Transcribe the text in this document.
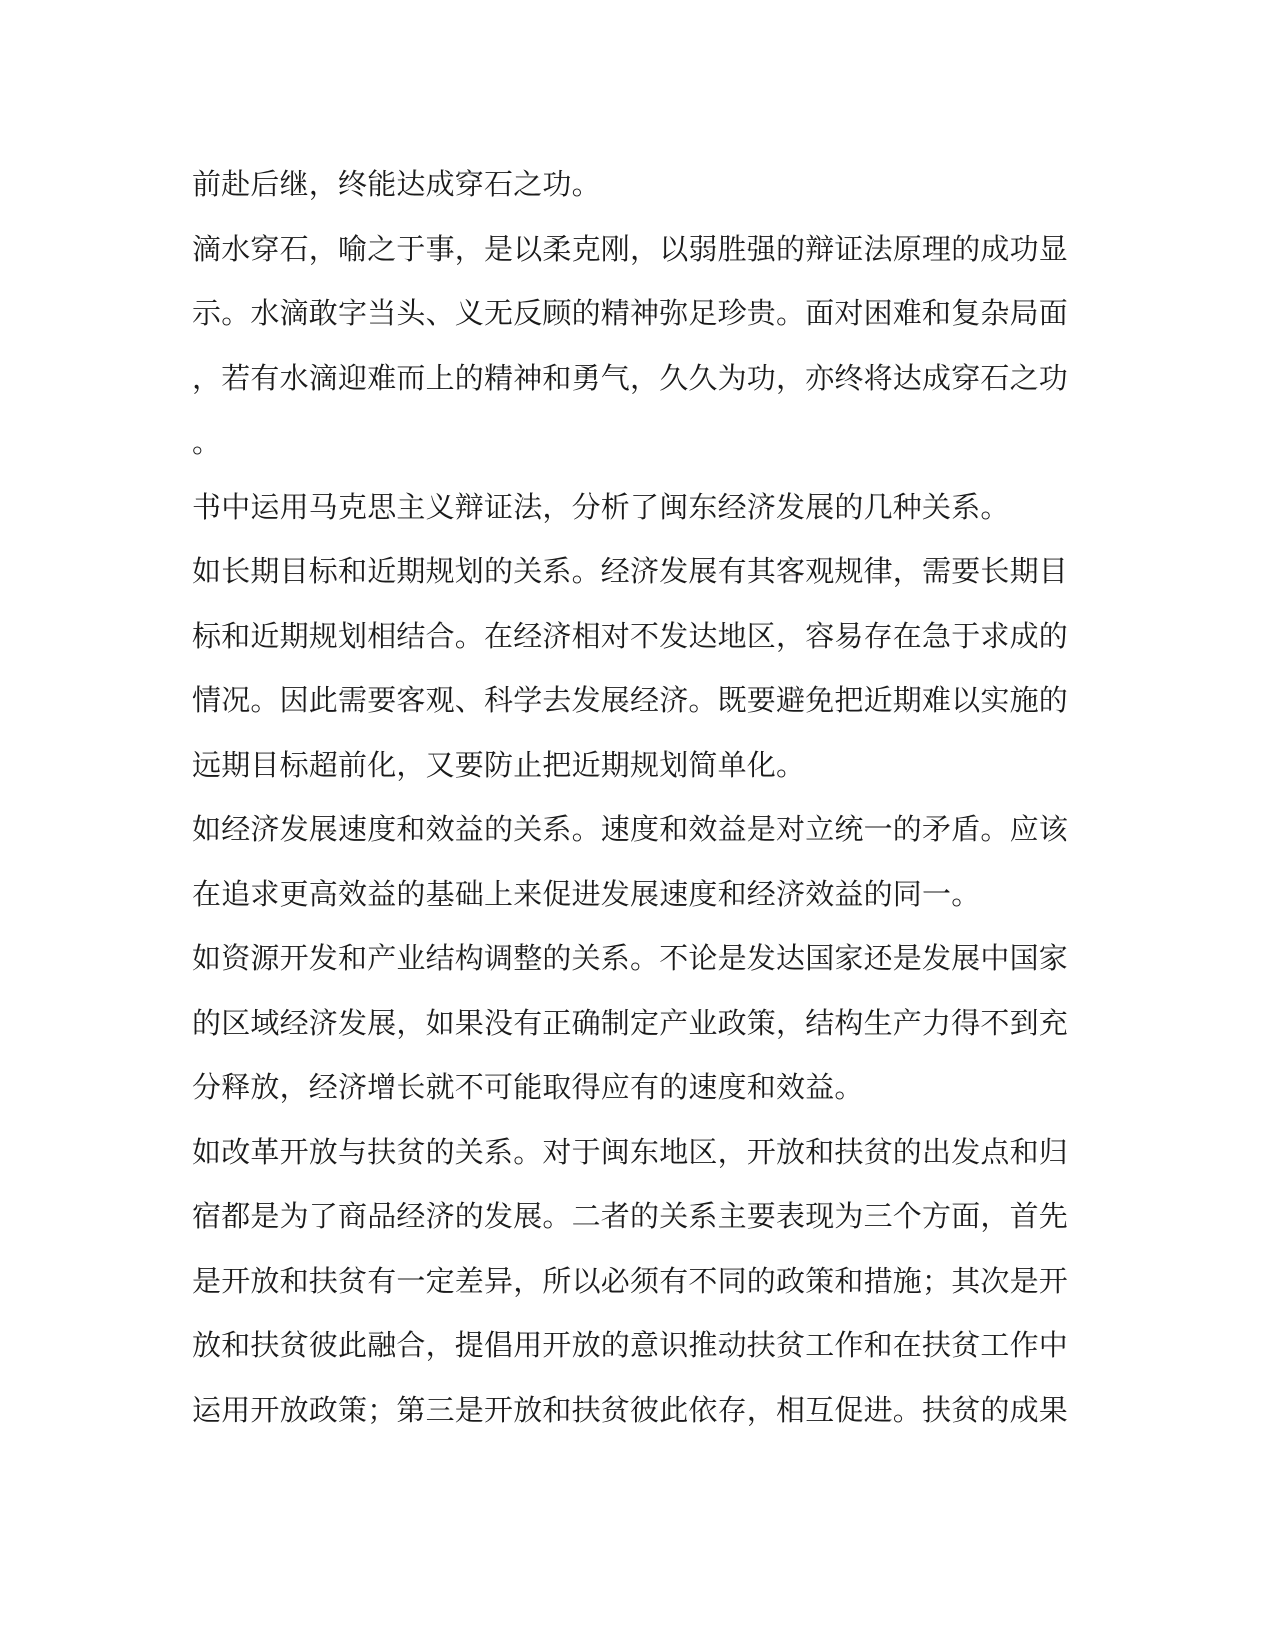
前赴后继，终能达成穿石之功。
滴水穿石，喻之于事，是以柔克刚，以弱胜强的辩证法原理的成功显
示。水滴敢字当头、义无反顾的精神弥足珍贵。面对困难和复杂局面
，若有水滴迎难而上的精神和勇气，久久为功，亦终将达成穿石之功
。
书中运用马克思主义辩证法，分析了闽东经济发展的几种关系。
如长期目标和近期规划的关系。经济发展有其客观规律，需要长期目
标和近期规划相结合。在经济相对不发达地区，容易存在急于求成的
情况。因此需要客观、科学去发展经济。既要避免把近期难以实施的
远期目标超前化，又要防止把近期规划简单化。
如经济发展速度和效益的关系。速度和效益是对立统一的矛盾。应该
在追求更高效益的基础上来促进发展速度和经济效益的同一。
如资源开发和产业结构调整的关系。不论是发达国家还是发展中国家
的区域经济发展，如果没有正确制定产业政策，结构生产力得不到充
分释放，经济增长就不可能取得应有的速度和效益。
如改革开放与扶贫的关系。对于闽东地区，开放和扶贫的出发点和归
宿都是为了商品经济的发展。二者的关系主要表现为三个方面，首先
是开放和扶贫有一定差异，所以必须有不同的政策和措施；其次是开
放和扶贫彼此融合，提倡用开放的意识推动扶贫工作和在扶贫工作中
运用开放政策；第三是开放和扶贫彼此依存，相互促进。扶贫的成果
